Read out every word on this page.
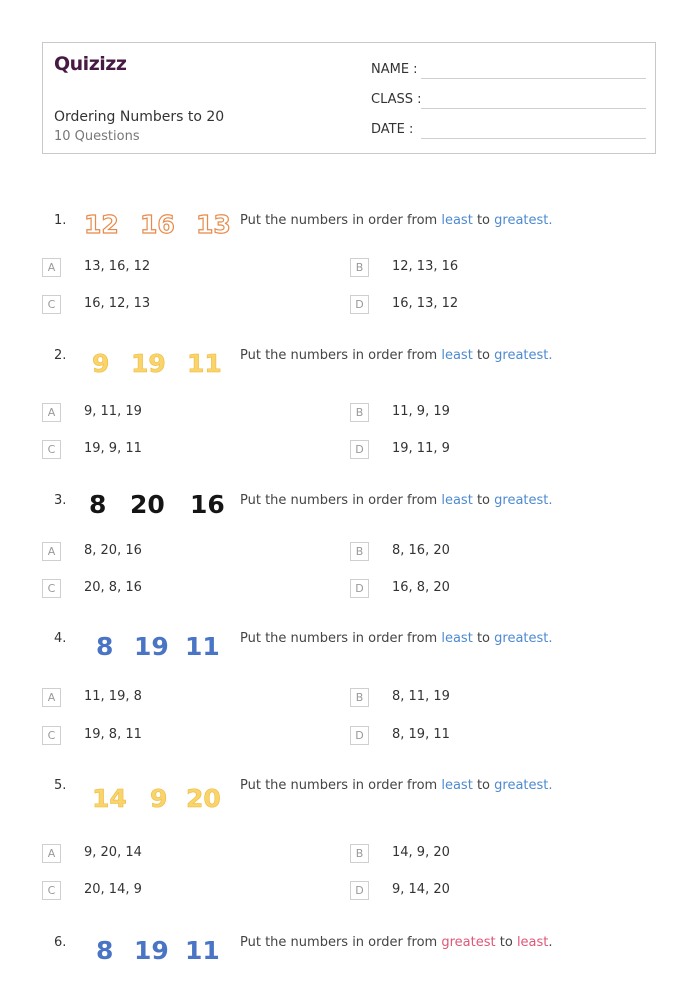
Quizizz
Ordering Numbers to 20
10 Questions
NAME :
CLASS :
DATE :
1. 12 16 13 Put the numbers in order from least to greatest.
A	13, 16, 12	B	12, 13, 16
C	16, 12, 13	D	16, 13, 12
2. 9 19 11 Put the numbers in order from least to greatest.
A	9, 11, 19	B	11, 9, 19
C	19, 9, 11	D	19, 11, 9
3. 8 20 16 Put the numbers in order from least to greatest.
A	8, 20, 16	B	8, 16, 20
C	20, 8, 16	D	16, 8, 20
4. 8 19 11 Put the numbers in order from least to greatest.
A	11, 19, 8	B	8, 11, 19
C	19, 8, 11	D	8, 19, 11
5. 14 9 20 Put the numbers in order from least to greatest.
A	9, 20, 14	B	14, 9, 20
C	20, 14, 9	D	9, 14, 20
6. 8 19 11 Put the numbers in order from greatest to least.
